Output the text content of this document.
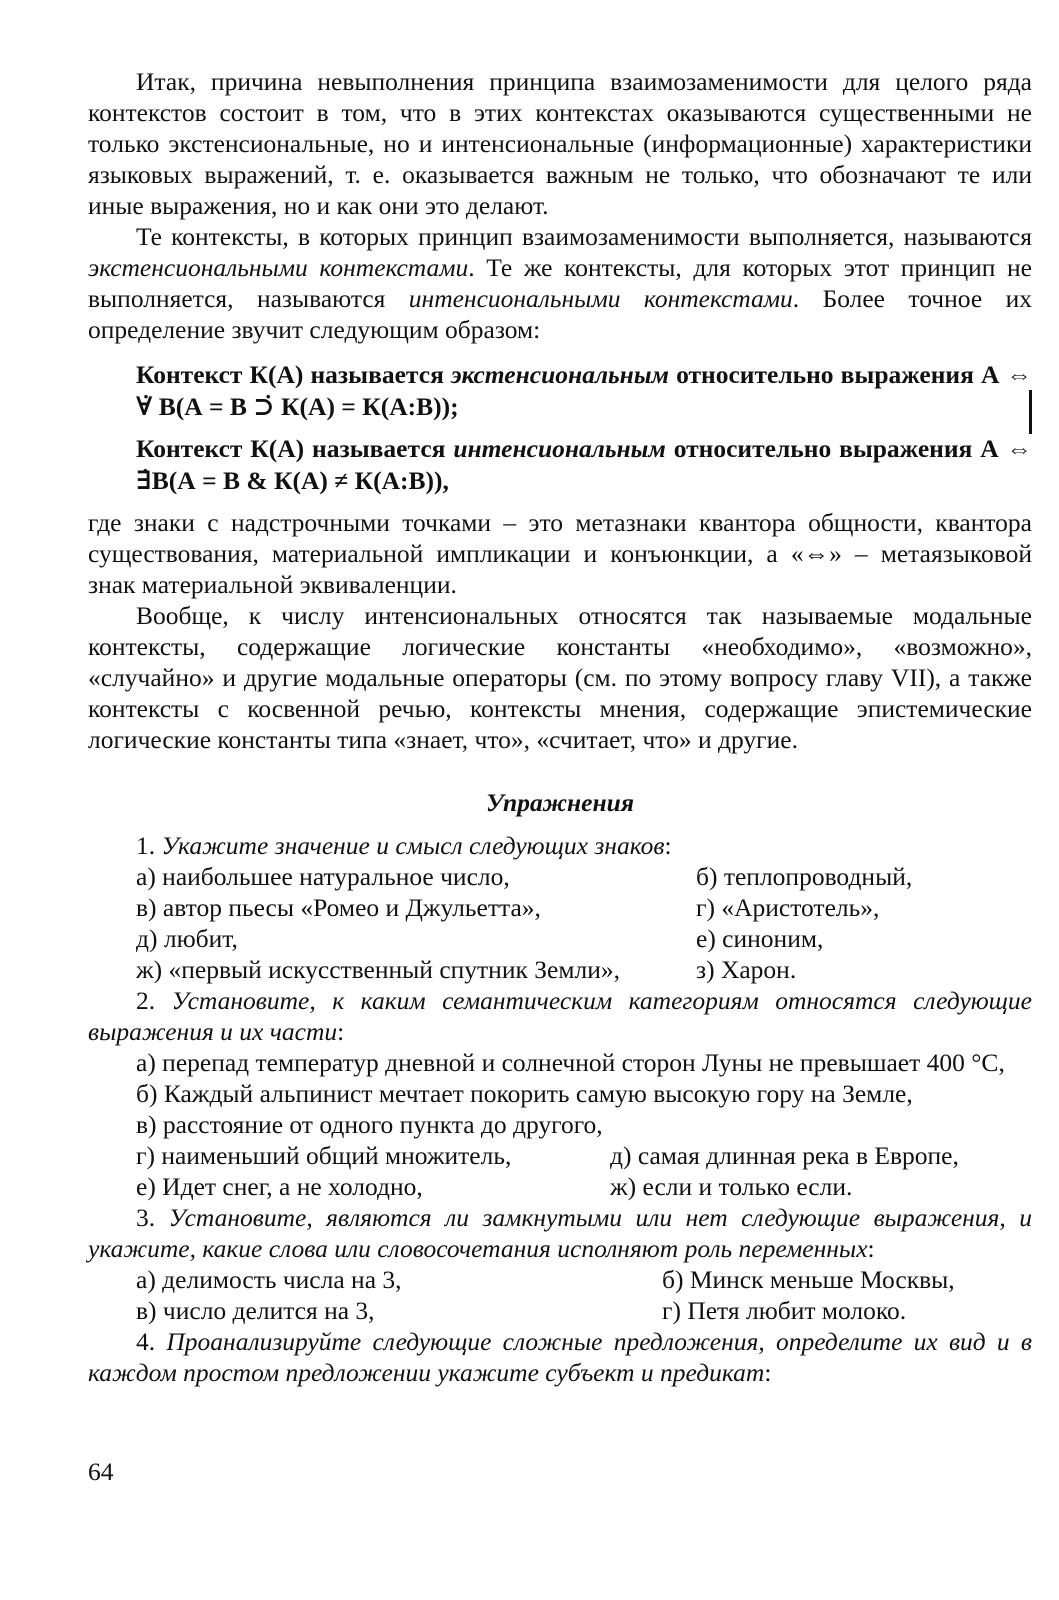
Итак, причина невыполнения принципа взаимозаменимости для целого ряда контекстов состоит в том, что в этих контекстах оказываются существенными не только экстенсиональные, но и интенсиональные (информационные) характеристики языковых выражений, т. е. оказывается важным не только, что обозначают те или иные выражения, но и как они это делают.

Те контексты, в которых принцип взаимозаменимости выполняется, называются экстенсиональными контекстами. Те же контексты, для которых этот принцип не выполняется, называются интенсиональными контекстами. Более точное их определение звучит следующим образом:

Контекст К(А) называется экстенсиональным относительно выражения А ⇔ ∀̇ В(А = В ⊃̇ К(А) = К(А:В));

Контекст К(А) называется интенсиональным относительно выражения А ⇔ ∃̇В(А = В & К(А) ≠ К(А:В)),

где знаки с надстрочными точками – это метазнаки квантора общности, квантора существования, материальной импликации и конъюнкции, а «⇔» – метаязыковой знак материальной эквиваленции.

Вообще, к числу интенсиональных относятся так называемые модальные контексты, содержащие логические константы «необходимо», «возможно», «случайно» и другие модальные операторы (см. по этому вопросу главу VII), а также контексты с косвенной речью, контексты мнения, содержащие эпистемические логические константы типа «знает, что», «считает, что» и другие.

Упражнения

1. Укажите значение и смысл следующих знаков:

а) наибольшее натуральное число,	б) теплопроводный,
в) автор пьесы «Ромео и Джульетта»,	г) «Аристотель»,
д) любит,	е) синоним,
ж) «первый искусственный спутник Земли»,	з) Харон.

2. Установите, к каким семантическим категориям относятся следующие выражения и их части:

а) перепад температур дневной и солнечной сторон Луны не превышает 400 °С,

б) Каждый альпинист мечтает покорить самую высокую гору на Земле,

в) расстояние от одного пункта до другого,

г) наименьший общий множитель,	д) самая длинная река в Европе,
е) Идет снег, а не холодно,	ж) если и только если.

3. Установите, являются ли замкнутыми или нет следующие выражения, и укажите, какие слова или словосочетания исполняют роль переменных:

а) делимость числа на 3,	б) Минск меньше Москвы,
в) число делится на 3,	г) Петя любит молоко.

4. Проанализируйте следующие сложные предложения, определите их вид и в каждом простом предложении укажите субъект и предикат:

64
